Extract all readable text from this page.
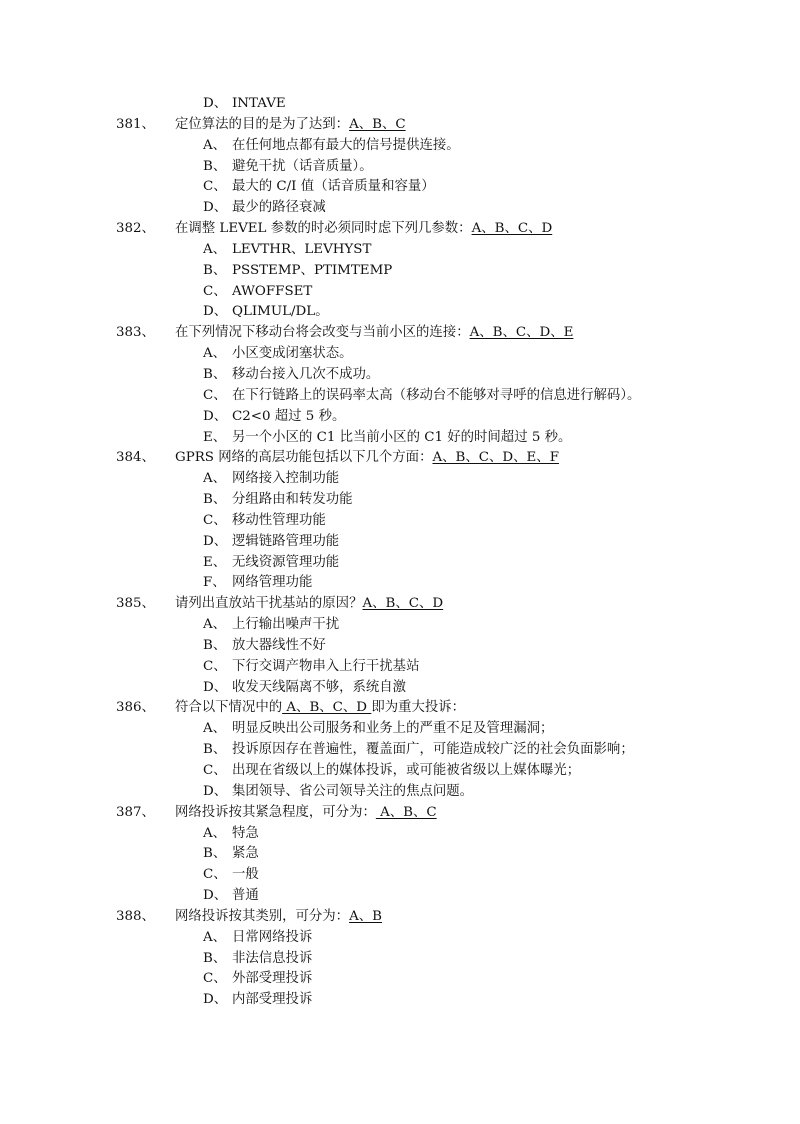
D、 INTAVE
381、 定位算法的目的是为了达到：A、B、C
A、 在任何地点都有最大的信号提供连接。
B、 避免干扰（话音质量）。
C、 最大的 C/I 值（话音质量和容量）
D、 最少的路径衰减
382、 在调整 LEVEL 参数的时必须同时虑下列几参数：A、B、C、D
A、 LEVTHR、LEVHYST
B、 PSSTEMP、PTIMTEMP
C、 AWOFFSET
D、 QLIMUL/DL。
383、 在下列情况下移动台将会改变与当前小区的连接：A、B、C、D、E
A、 小区变成闭塞状态。
B、 移动台接入几次不成功。
C、 在下行链路上的误码率太高（移动台不能够对寻呼的信息进行解码）。
D、 C2<0 超过 5 秒。
E、 另一个小区的 C1 比当前小区的 C1 好的时间超过 5 秒。
384、 GPRS 网络的高层功能包括以下几个方面：A、B、C、D、E、F
A、 网络接入控制功能
B、 分组路由和转发功能
C、 移动性管理功能
D、 逻辑链路管理功能
E、 无线资源管理功能
F、 网络管理功能
385、 请列出直放站干扰基站的原因？A、B、C、D
A、 上行输出噪声干扰
B、 放大器线性不好
C、 下行交调产物串入上行干扰基站
D、 收发天线隔离不够，系统自激
386、 符合以下情况中的 A、B、C、D 即为重大投诉：
A、 明显反映出公司服务和业务上的严重不足及管理漏洞；
B、 投诉原因存在普遍性，覆盖面广，可能造成较广泛的社会负面影响；
C、 出现在省级以上的媒体投诉，或可能被省级以上媒体曝光；
D、 集团领导、省公司领导关注的焦点问题。
387、 网络投诉按其紧急程度，可分为： A、B、C
A、 特急
B、 紧急
C、 一般
D、 普通
388、 网络投诉按其类别，可分为：A、B
A、 日常网络投诉
B、 非法信息投诉
C、 外部受理投诉
D、 内部受理投诉
